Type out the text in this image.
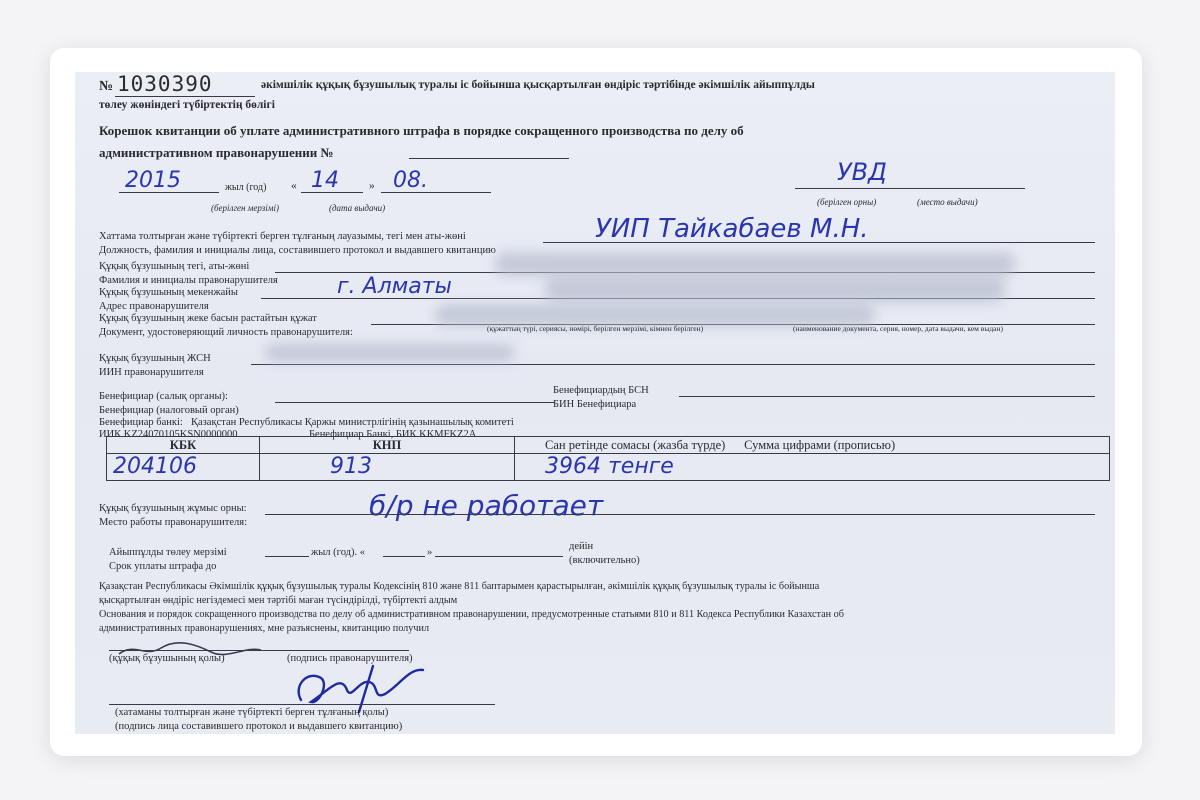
№ 1030390	әкімшілік құқық бұзушылық туралы іс бойынша қысқартылған өндіріс тәртібінде әкімшілік айыппұлды
төлеу жөніндегі түбіртектің бөлігі
Корешок квитанции об уплате административного штрафа в порядке сокращенного производства по делу об
административном правонарушении №
2015	жыл (год) « 14	» 08.
(берілген мерзімі)	(дата выдачи)
УВД
(берілген орны)	(место выдачи)
Хаттама толтырған және түбіртекті берген тұлғаның лауазымы, тегі мен аты-жөні
Должность, фамилия и инициалы лица, составившего протокол и выдавшего квитанцию
УИП Тайкабаев М.Н.
Құқық бұзушының тегі, аты-жөні
Фамилия и инициалы правонарушителя
Құқық бұзушының мекенжайы
Адрес правонарушителя
г. Алматы
Құқық бұзушының жеке басын растайтын құжат
Документ, удостоверяющий личность правонарушителя:	(құжаттың түрі, сериясы, нөмірі, берілген мерзімі, кімнен берілген)	(наименование документа, серия, номер, дата выдачи, кем выдан)
Құқық бұзушының ЖСН
ИИН правонарушителя
Бенефициар (салық органы):
Бенефициар (налоговый орган)
Бенефициардың БСН
БИН Бенефициара
Бенефициар банкі: Қазақстан Республикасы Қаржы министрлігінің қазынашылық комитеті
ИИК KZ24070105KSN0000000	Бенефициар Банкі, БИК KKMFKZ2A
КБК	КНП	Сан ретінде сомасы (жазба түрде) Сумма цифрами (прописью)
204106	913	3964 тенге
Құқық бұзушының жұмыс орны:
Место работы правонарушителя:
б/р не работает
Айыппұлды төлеу мерзімі	жыл (год). «	»
дейін
Срок уплаты штрафа до
(включительно)
Қазақстан Республикасы Әкімшілік құқық бұзушылық туралы Кодексінің 810 және 811 баптарымен қарастырылған, әкімшілік құқық бұзушылық туралы іс бойынша
қысқартылған өндіріс негіздемесі мен тәртібі маған түсіндірілді, түбіртекті алдым
Основания и порядок сокращенного производства по делу об административном правонарушении, предусмотренные статьями 810 и 811 Кодекса Республики Казахстан об
административных правонарушениях, мне разъяснены, квитанцию получил
(құқық бұзушының қолы)	(подпись правонарушителя)
(хатаманы толтырған және түбіртекті берген тұлғаның қолы)
(подпись лица составившего протокол и выдавшего квитанцию)
